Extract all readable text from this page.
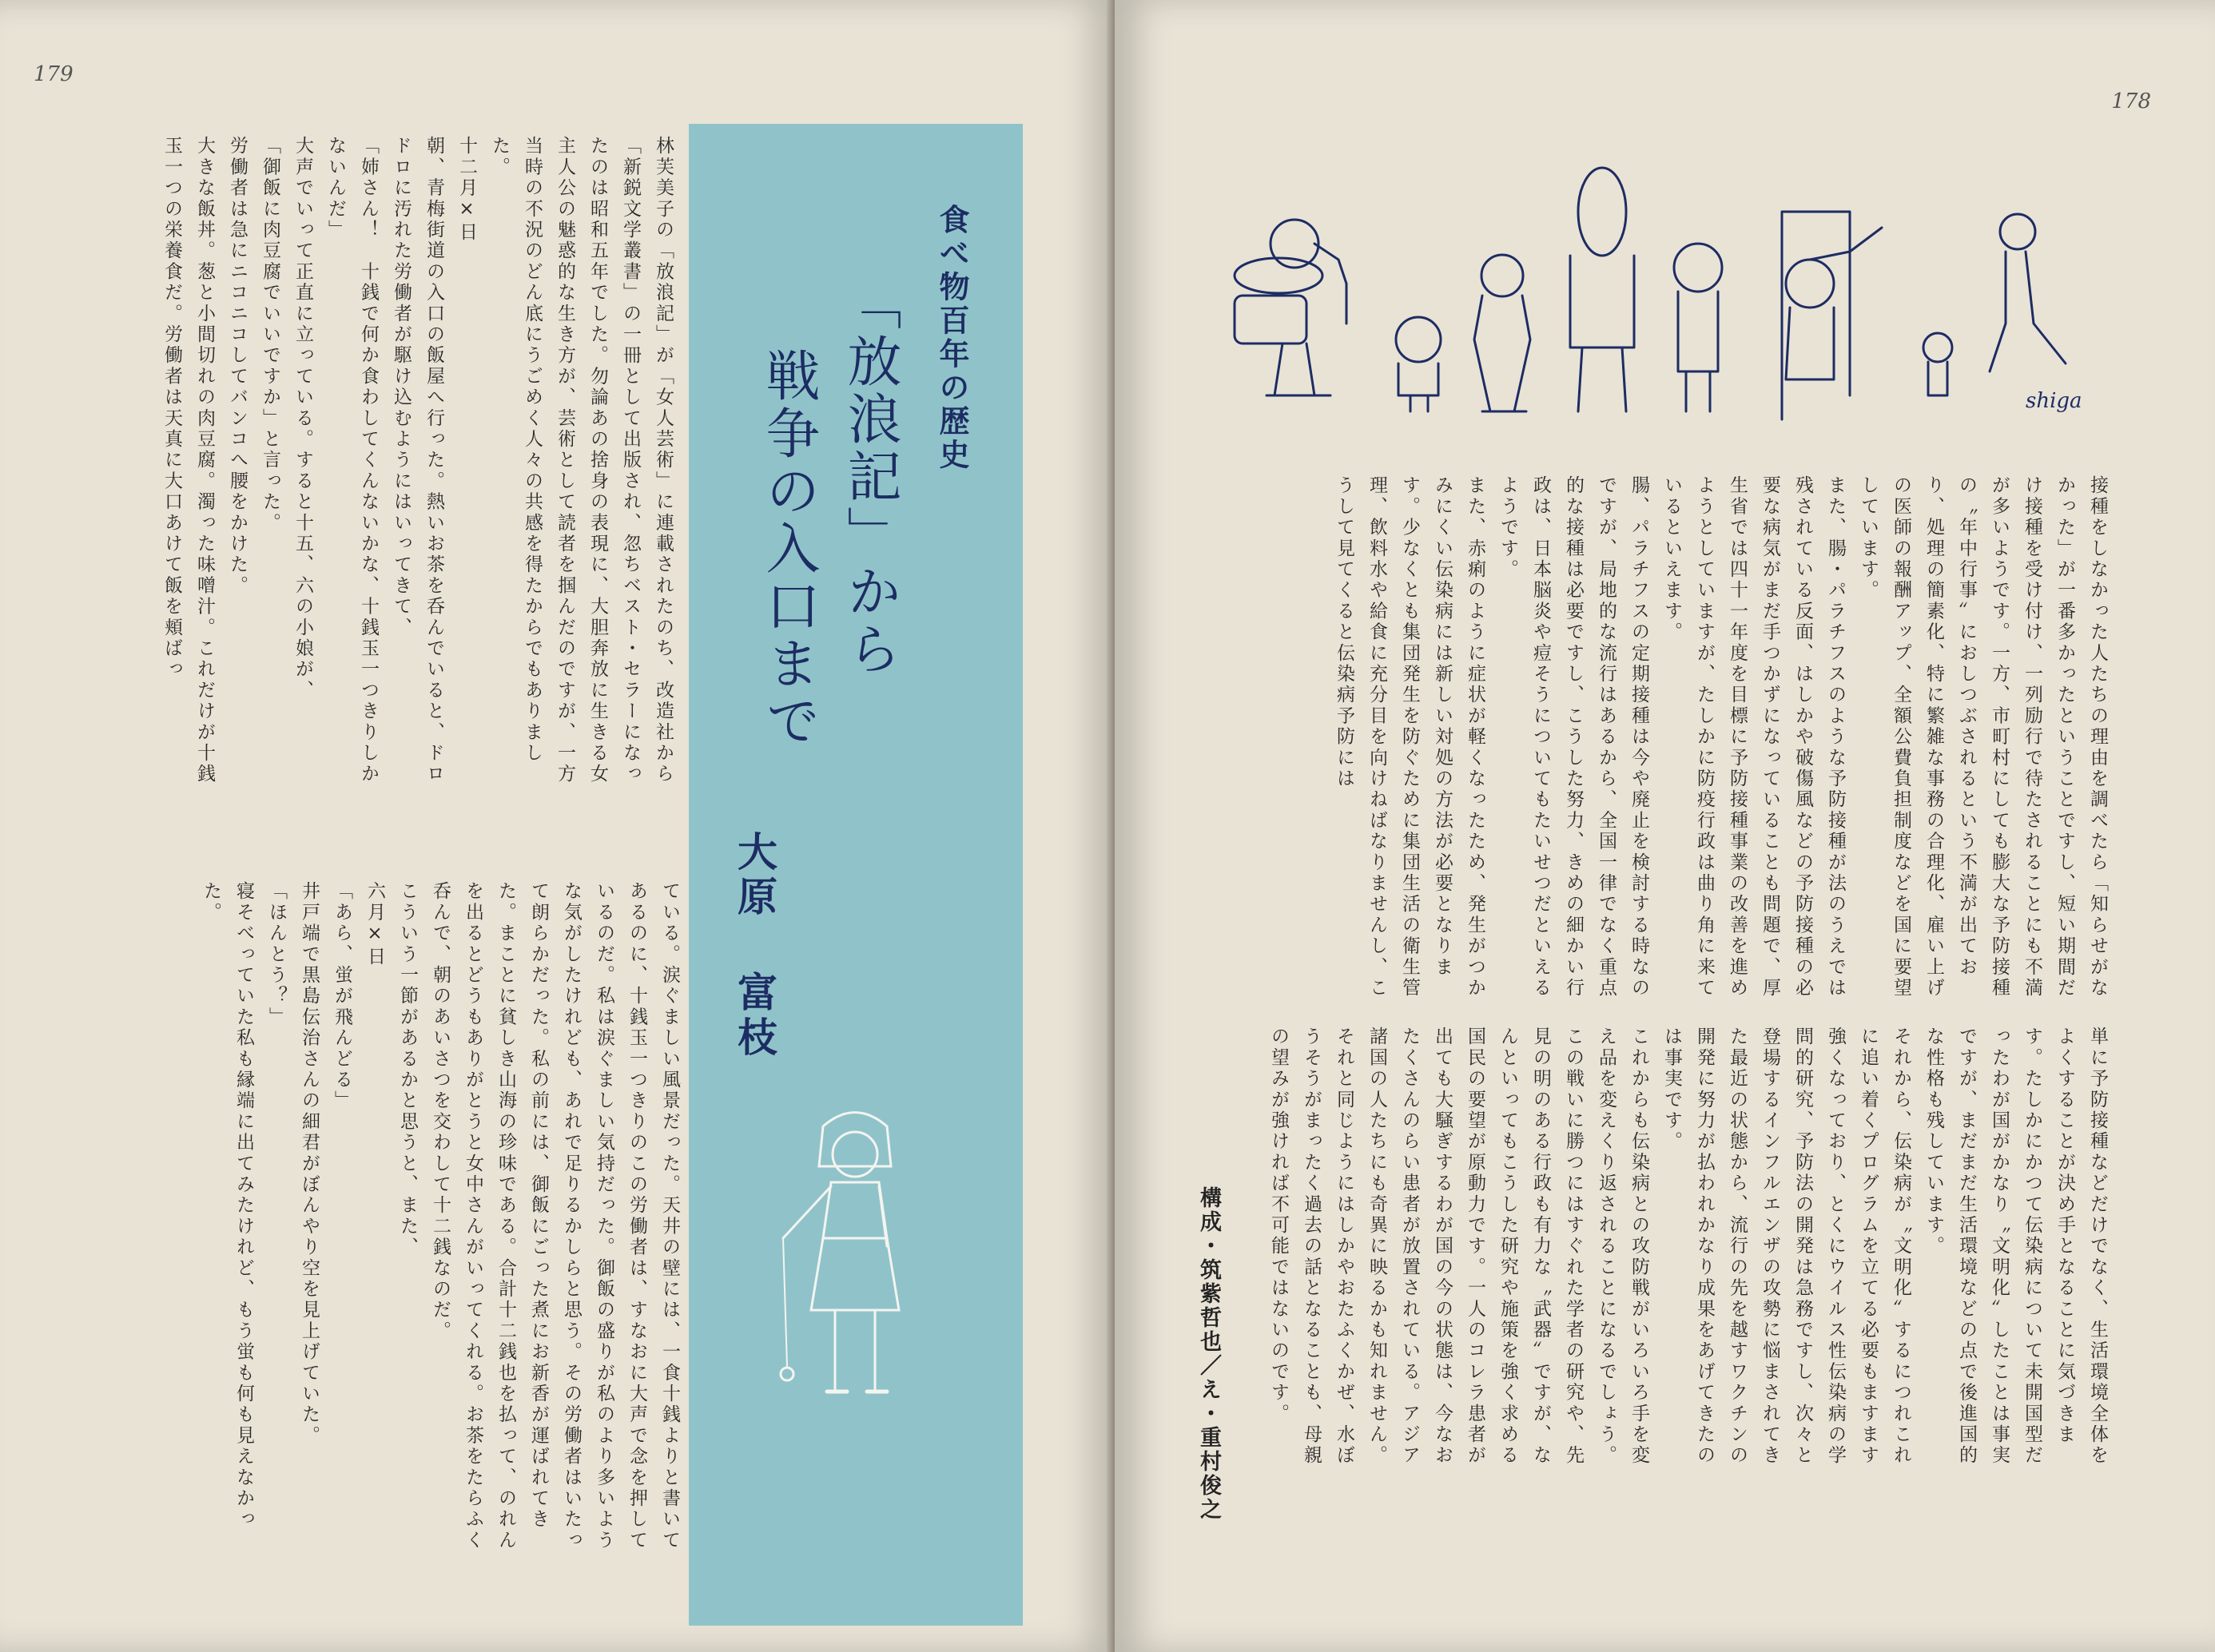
179

林芙美子の「放浪記」が「女人芸術」に連載されたのち、改造社から「新鋭文学叢書」の一冊として出版され、忽ちベスト・セラーになったのは昭和五年でした。勿論あの捨身の表現に、大胆奔放に生きる女主人公の魅惑的な生き方が、芸術として読者を掴んだのですが、一方当時の不況のどん底にうごめく人々の共感を得たからでもありました。

十二月×日

朝、青梅街道の入口の飯屋へ行った。熱いお茶を呑んでいると、ドロドロに汚れた労働者が駆け込むようにはいってきて、

「姉さん！　十銭で何か食わしてくんないかな、十銭玉一つきりしかないんだ」

大声でいって正直に立っている。すると十五、六の小娘が、

「御飯に肉豆腐でいいですか」と言った。

労働者は急にニコニコしてバンコへ腰をかけた。

大きな飯丼。葱と小間切れの肉豆腐。濁った味噌汁。これだけが十銭玉一つの栄養食だ。労働者は天真に大口あけて飯を頬ばっ

ている。涙ぐましい風景だった。天井の壁には、一食十銭よりと書いてあるのに、十銭玉一つきりのこの労働者は、すなおに大声で念を押しているのだ。私は涙ぐましい気持だった。御飯の盛りが私のより多いような気がしたけれども、あれで足りるかしらと思う。その労働者はいたって朗らかだった。私の前には、御飯にごった煮にお新香が運ばれてきた。まことに貧しき山海の珍味である。合計十二銭也を払って、のれんを出るとどうもありがとうと女中さんがいってくれる。お茶をたらふく呑んで、朝のあいさつを交わして十二銭なのだ。

こういう一節があるかと思うと、また、

六月×日

「あら、蛍が飛んどる」

井戸端で黒島伝治さんの細君がぼんやり空を見上げていた。

「ほんとう？」

寝そべっていた私も縁端に出てみたけれど、もう蛍も何も見えなかった。

食べ物百年の歴史
「放浪記」から
戦争の入口まで
大原 富枝
178
shiga

接種をしなかった人たちの理由を調べたら「知らせがなかった」が一番多かったということですし、短い期間だけ接種を受け付け、一列励行で待たされることにも不満が多いようです。一方、市町村にしても膨大な予防接種の〝年中行事〟におしつぶされるという不満が出ており、処理の簡素化、特に繁雑な事務の合理化、雇い上げの医師の報酬アップ、全額公費負担制度などを国に要望しています。

また、腸・パラチフスのような予防接種が法のうえでは残されている反面、はしかや破傷風などの予防接種の必要な病気がまだ手つかずになっていることも問題で、厚生省では四十一年度を目標に予防接種事業の改善を進めようとしていますが、たしかに防疫行政は曲り角に来ているといえます。

腸、パラチフスの定期接種は今や廃止を検討する時なのですが、局地的な流行はあるから、全国一律でなく重点的な接種は必要ですし、こうした努力、きめの細かい行政は、日本脳炎や痘そうについてもたいせつだといえるようです。

また、赤痢のように症状が軽くなったため、発生がつかみにくい伝染病には新しい対処の方法が必要となります。少なくとも集団発生を防ぐために集団生活の衛生管理、飲料水や給食に充分目を向けねばなりませんし、こうして見てくると伝染病予防には

単に予防接種などだけでなく、生活環境全体をよくすることが決め手となることに気づきます。たしかにかつて伝染病について未開国型だったわが国がかなり〝文明化〟したことは事実ですが、まだまだ生活環境などの点で後進国的な性格も残しています。

それから、伝染病が〝文明化〟するにつれこれに追い着くプログラムを立てる必要もますます強くなっており、とくにウイルス性伝染病の学問的研究、予防法の開発は急務ですし、次々と登場するインフルエンザの攻勢に悩まされてきた最近の状態から、流行の先を越すワクチンの開発に努力が払われかなり成果をあげてきたのは事実です。

これからも伝染病との攻防戦がいろいろ手を変え品を変えくり返されることになるでしょう。この戦いに勝つにはすぐれた学者の研究や、先見の明のある行政も有力な〝武器〟ですが、なんといってもこうした研究や施策を強く求める国民の要望が原動力です。一人のコレラ患者が出ても大騒ぎするわが国の今の状態は、今なおたくさんのらい患者が放置されている。アジア諸国の人たちにも奇異に映るかも知れません。それと同じようにはしかやおたふくかぜ、水ぼうそうがまったく過去の話となることも、母親の望みが強ければ不可能ではないのです。

構成・筑紫哲也／え・重村俊之
